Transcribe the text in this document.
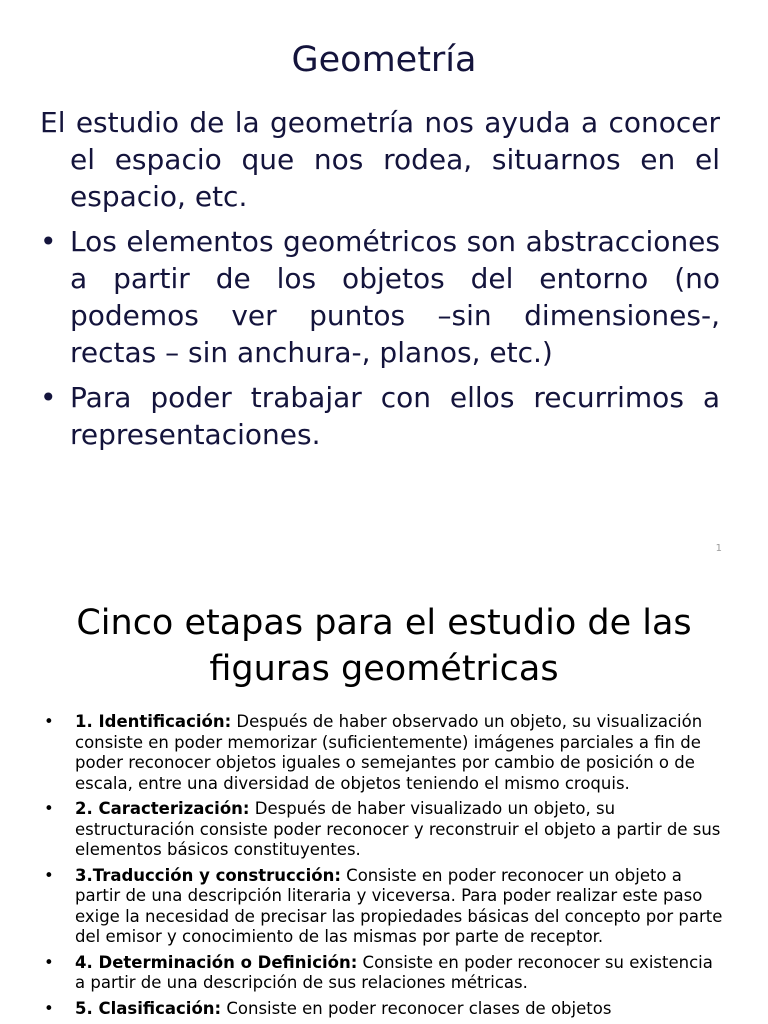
Geometría

El estudio de la geometría nos ayuda a conocer el espacio que nos rodea, situarnos en el espacio, etc.

• Los elementos geométricos son abstracciones a partir de los objetos del entorno (no podemos ver puntos –sin dimensiones-, rectas – sin anchura-, planos, etc.)

• Para poder trabajar con ellos recurrimos a representaciones.

1
Cinco etapas para el estudio de las
figuras geométricas
• 1. Identificación: Después de haber observado un objeto, su visualización consiste en poder memorizar (suficientemente) imágenes parciales a fin de poder reconocer objetos iguales o semejantes por cambio de posición o de escala, entre una diversidad de objetos teniendo el mismo croquis.
• 2. Caracterización: Después de haber visualizado un objeto, su estructuración consiste poder reconocer y reconstruir el objeto a partir de sus elementos básicos constituyentes.
• 3.Traducción y construcción: Consiste en poder reconocer un objeto a partir de una descripción literaria y viceversa. Para poder realizar este paso exige la necesidad de precisar las propiedades básicas del concepto por parte del emisor y conocimiento de las mismas por parte de receptor.
• 4. Determinación o Definición: Consiste en poder reconocer su existencia a partir de una descripción de sus relaciones métricas.
• 5. Clasificación: Consiste en poder reconocer clases de objetos
